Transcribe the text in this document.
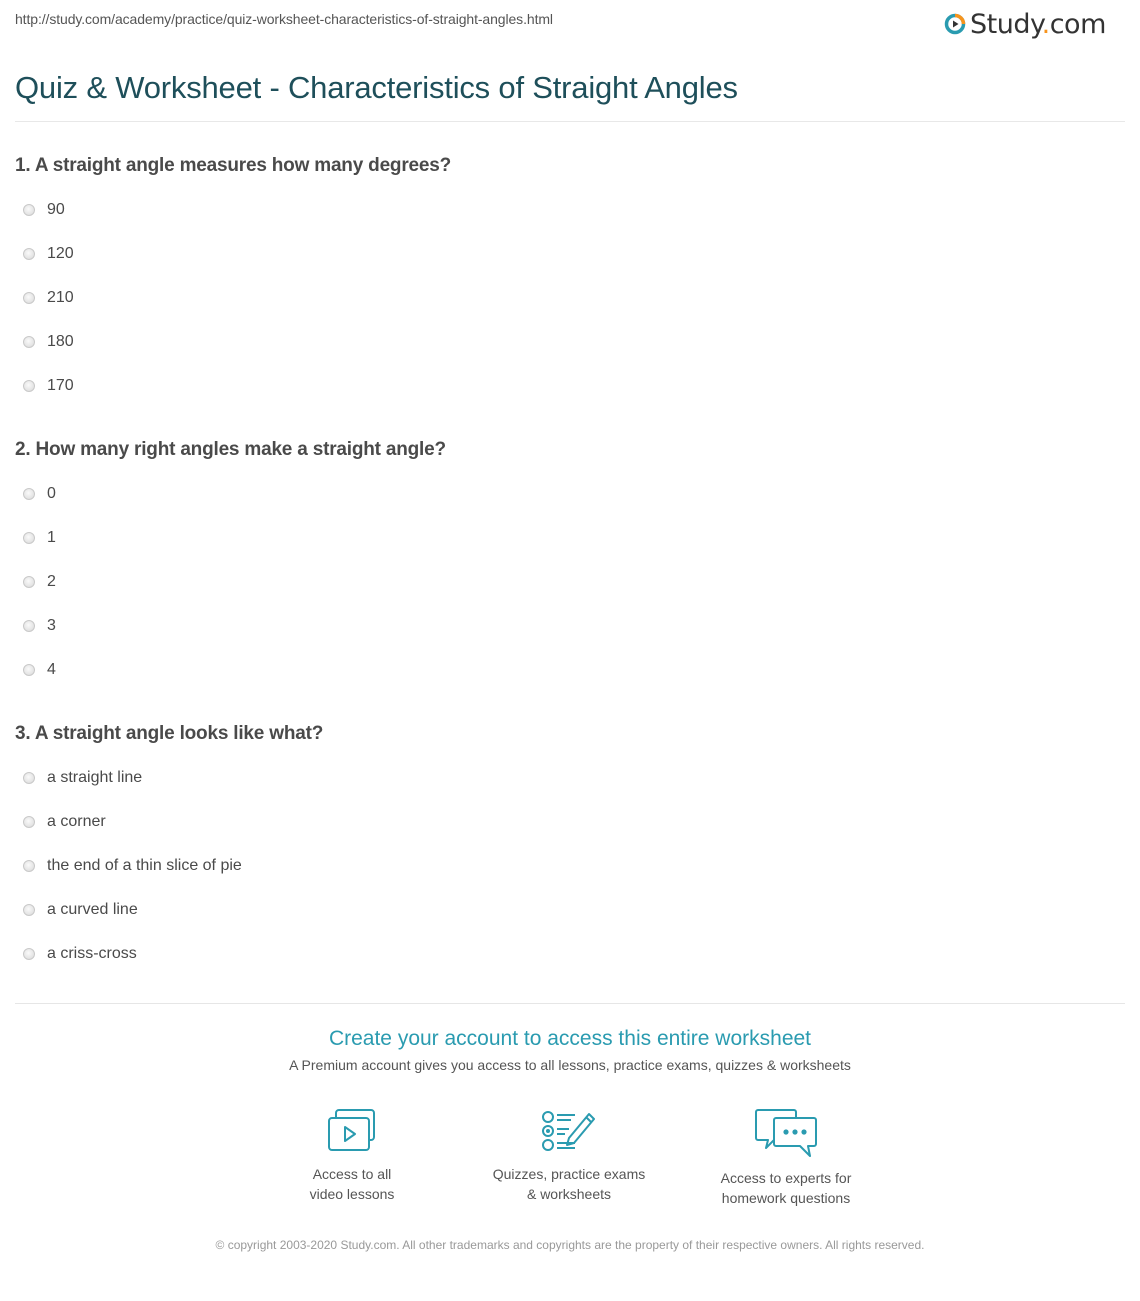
http://study.com/academy/practice/quiz-worksheet-characteristics-of-straight-angles.html	Study.com
Quiz & Worksheet - Characteristics of Straight Angles
1. A straight angle measures how many degrees?
90
120
210
180
170
2. How many right angles make a straight angle?
0
1
2
3
4
3. A straight angle looks like what?
a straight line
a corner
the end of a thin slice of pie
a curved line
a criss-cross
Create your account to access this entire worksheet
A Premium account gives you access to all lessons, practice exams, quizzes & worksheets
Access to all
video lessons
Quizzes, practice exams
& worksheets
Access to experts for
homework questions
© copyright 2003-2020 Study.com. All other trademarks and copyrights are the property of their respective owners. All rights reserved.
